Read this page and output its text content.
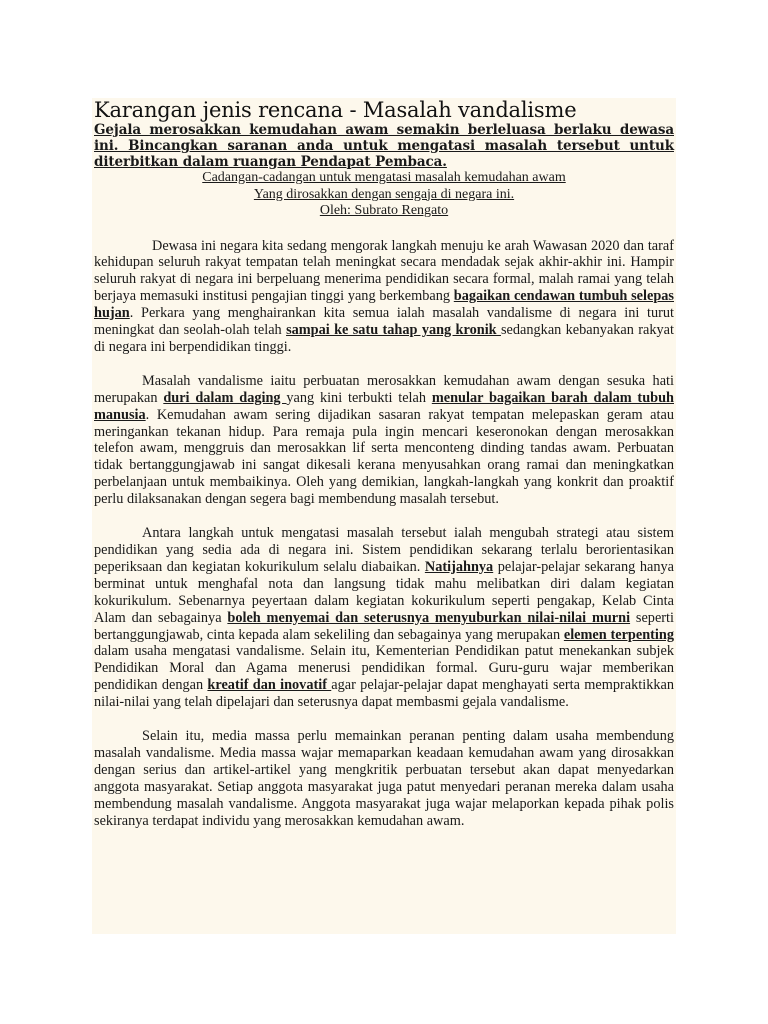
Karangan jenis rencana - Masalah vandalisme

Gejala merosakkan kemudahan awam semakin berleluasa berlaku dewasa ini. Bincangkan saranan anda untuk mengatasi masalah tersebut untuk diterbitkan dalam ruangan Pendapat Pembaca.

Cadangan-cadangan untuk mengatasi masalah kemudahan awam

Yang dirosakkan dengan sengaja di negara ini.

Oleh: Subrato Rengato

Dewasa ini negara kita sedang mengorak langkah menuju ke arah Wawasan 2020 dan taraf kehidupan seluruh rakyat tempatan telah meningkat secara mendadak sejak akhir-akhir ini. Hampir seluruh rakyat di negara ini berpeluang menerima pendidikan secara formal, malah ramai yang telah berjaya memasuki institusi pengajian tinggi yang berkembang bagaikan cendawan tumbuh selepas hujan. Perkara yang menghairankan kita semua ialah masalah vandalisme di negara ini turut meningkat dan seolah-olah telah sampai ke satu tahap yang kronik sedangkan kebanyakan rakyat di negara ini berpendidikan tinggi.

Masalah vandalisme iaitu perbuatan merosakkan kemudahan awam dengan sesuka hati merupakan duri dalam daging yang kini terbukti telah menular bagaikan barah dalam tubuh manusia. Kemudahan awam sering dijadikan sasaran rakyat tempatan melepaskan geram atau meringankan tekanan hidup. Para remaja pula ingin mencari keseronokan dengan merosakkan telefon awam, menggruis dan merosakkan lif serta menconteng dinding tandas awam. Perbuatan tidak bertanggungjawab ini sangat dikesali kerana menyusahkan orang ramai dan meningkatkan perbelanjaan untuk membaikinya. Oleh yang demikian, langkah-langkah yang konkrit dan proaktif perlu dilaksanakan dengan segera bagi membendung masalah tersebut.

Antara langkah untuk mengatasi masalah tersebut ialah mengubah strategi atau sistem pendidikan yang sedia ada di negara ini. Sistem pendidikan sekarang terlalu berorientasikan peperiksaan dan kegiatan kokurikulum selalu diabaikan. Natijahnya pelajar-pelajar sekarang hanya berminat untuk menghafal nota dan langsung tidak mahu melibatkan diri dalam kegiatan kokurikulum. Sebenarnya peyertaan dalam kegiatan kokurikulum seperti pengakap, Kelab Cinta Alam dan sebagainya boleh menyemai dan seterusnya menyuburkan nilai-nilai murni seperti bertanggungjawab, cinta kepada alam sekeliling dan sebagainya yang merupakan elemen terpenting dalam usaha mengatasi vandalisme. Selain itu, Kementerian Pendidikan patut menekankan subjek Pendidikan Moral dan Agama menerusi pendidikan formal. Guru-guru wajar memberikan pendidikan dengan kreatif dan inovatif agar pelajar-pelajar dapat menghayati serta mempraktikkan nilai-nilai yang telah dipelajari dan seterusnya dapat membasmi gejala vandalisme.

Selain itu, media massa perlu memainkan peranan penting dalam usaha membendung masalah vandalisme. Media massa wajar memaparkan keadaan kemudahan awam yang dirosakkan dengan serius dan artikel-artikel yang mengkritik perbuatan tersebut akan dapat menyedarkan anggota masyarakat. Setiap anggota masyarakat juga patut menyedari peranan mereka dalam usaha membendung masalah vandalisme. Anggota masyarakat juga wajar melaporkan kepada pihak polis sekiranya terdapat individu yang merosakkan kemudahan awam.
